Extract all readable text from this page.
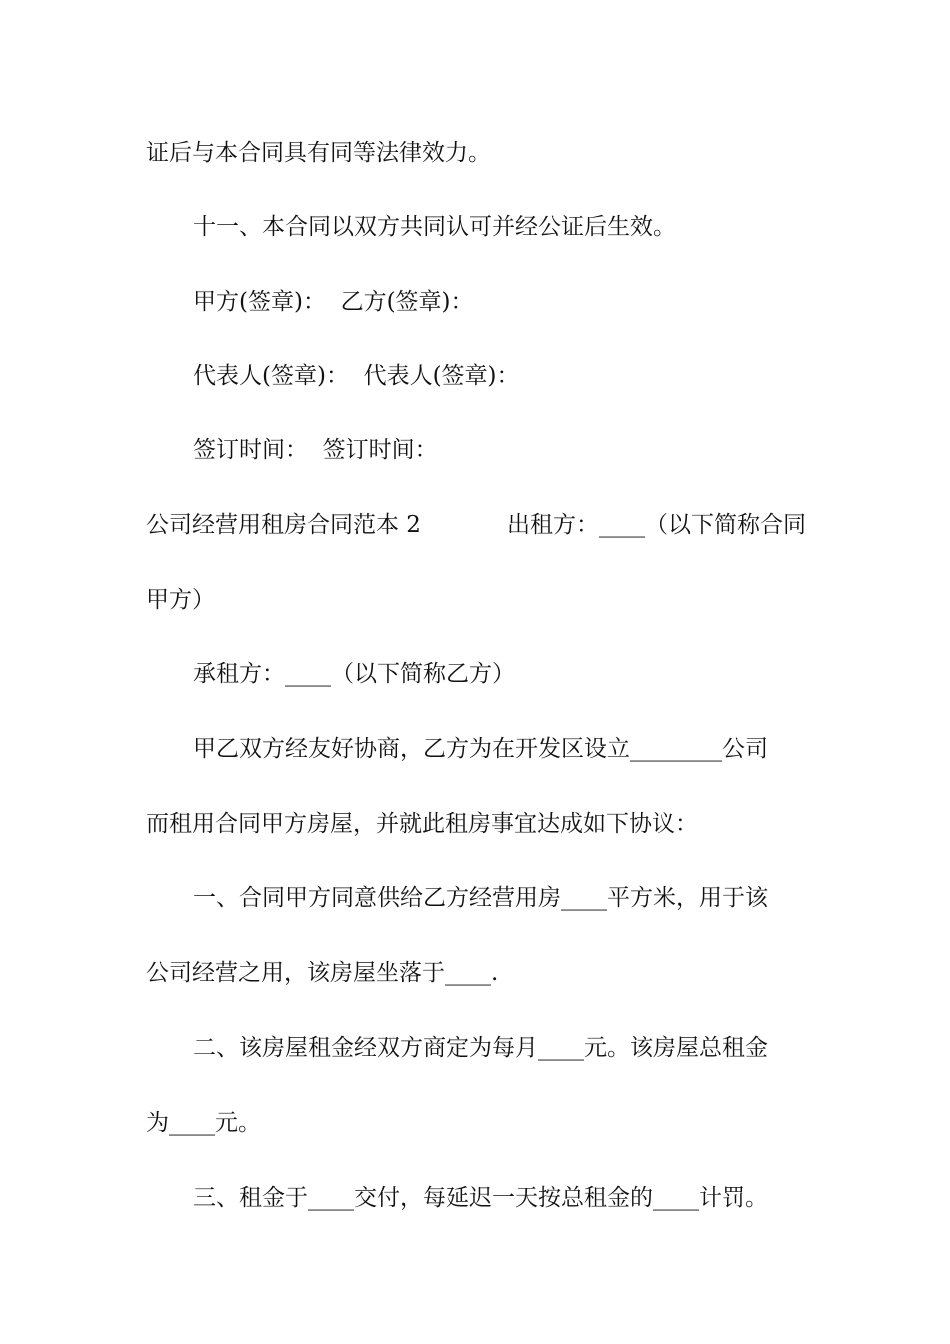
证后与本合同具有同等法律效力。
十一、本合同以双方共同认可并经公证后生效。
甲方(签章)：  乙方(签章)：
代表人(签章)：  代表人(签章)：
签订时间：  签订时间：
公司经营用租房合同范本 2	出租方：____（以下简称合同
甲方）
承租方：____（以下简称乙方）
甲乙双方经友好协商，乙方为在开发区设立________公司
而租用合同甲方房屋，并就此租房事宜达成如下协议：
一、合同甲方同意供给乙方经营用房____平方米，用于该
公司经营之用，该房屋坐落于____.
二、该房屋租金经双方商定为每月____元。该房屋总租金
为____元。
三、租金于____交付，每延迟一天按总租金的____计罚。
